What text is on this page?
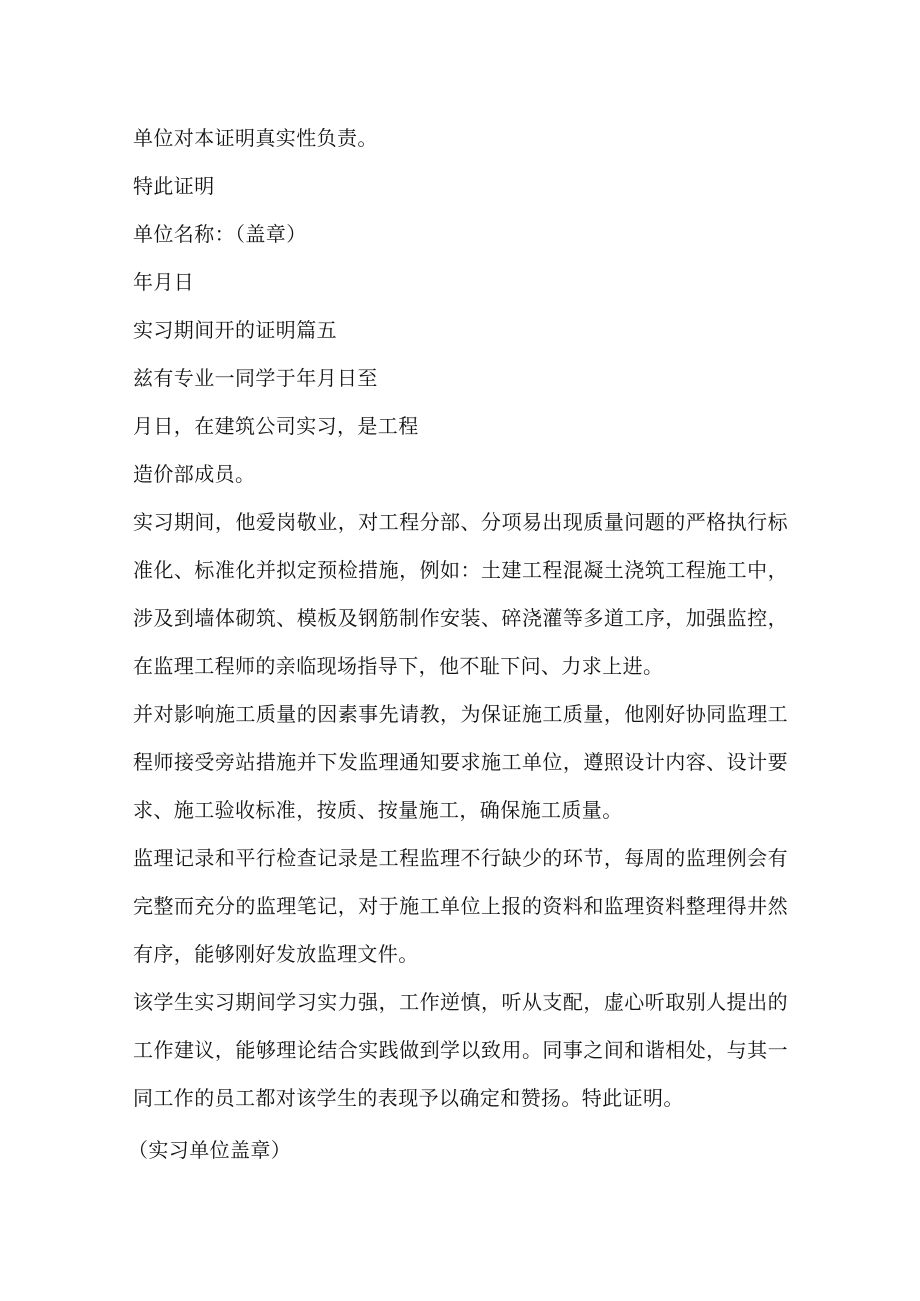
单位对本证明真实性负责。
特此证明
单位名称：（盖章）
年月日
实习期间开的证明篇五
兹有专业一同学于年月日至
月日，在建筑公司实习，是工程
造价部成员。
实习期间，他爱岗敬业，对工程分部、分项易出现质量问题的严格执行标准化、标准化并拟定预检措施，例如：土建工程混凝土浇筑工程施工中，涉及到墙体砌筑、模板及钢筋制作安装、碎浇灌等多道工序，加强监控，在监理工程师的亲临现场指导下，他不耻下问、力求上进。
并对影响施工质量的因素事先请教，为保证施工质量，他刚好协同监理工程师接受旁站措施并下发监理通知要求施工单位，遵照设计内容、设计要求、施工验收标准，按质、按量施工，确保施工质量。
监理记录和平行检查记录是工程监理不行缺少的环节，每周的监理例会有完整而充分的监理笔记，对于施工单位上报的资料和监理资料整理得井然有序，能够刚好发放监理文件。
该学生实习期间学习实力强，工作逆慎，听从支配，虚心听取别人提出的工作建议，能够理论结合实践做到学以致用。同事之间和谐相处，与其一同工作的员工都对该学生的表现予以确定和赞扬。特此证明。
（实习单位盖章）
